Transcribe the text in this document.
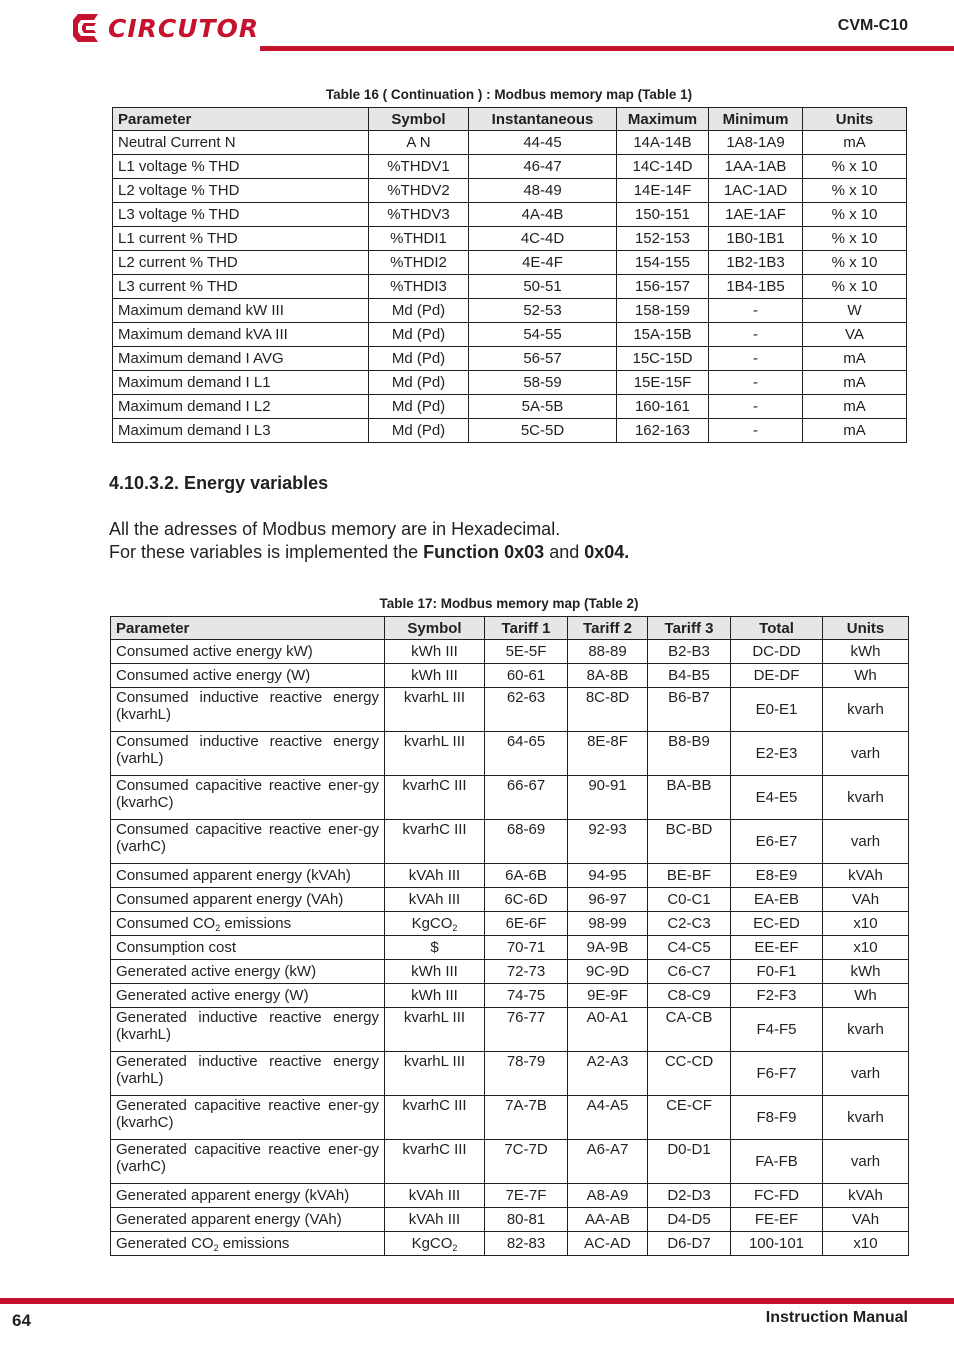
CIRCUTOR	CVM-C10
Table 16 ( Continuation ) : Modbus memory map (Table 1)
Parameter	Symbol	Instantaneous	Maximum	Minimum	Units
Neutral Current N	A N	44-45	14A-14B	1A8-1A9	mA
L1 voltage % THD	%THDV1	46-47	14C-14D	1AA-1AB	% x 10
L2 voltage % THD	%THDV2	48-49	14E-14F	1AC-1AD	% x 10
L3 voltage % THD	%THDV3	4A-4B	150-151	1AE-1AF	% x 10
L1 current % THD	%THDI1	4C-4D	152-153	1B0-1B1	% x 10
L2 current % THD	%THDI2	4E-4F	154-155	1B2-1B3	% x 10
L3 current % THD	%THDI3	50-51	156-157	1B4-1B5	% x 10
Maximum demand kW III	Md (Pd)	52-53	158-159	-	W
Maximum demand kVA III	Md (Pd)	54-55	15A-15B	-	VA
Maximum demand I AVG	Md (Pd)	56-57	15C-15D	-	mA
Maximum demand I L1	Md (Pd)	58-59	15E-15F	-	mA
Maximum demand I L2	Md (Pd)	5A-5B	160-161	-	mA
Maximum demand I L3	Md (Pd)	5C-5D	162-163	-	mA
4.10.3.2. Energy variables
All the adresses of Modbus memory are in Hexadecimal.
For these variables is implemented the Function 0x03 and 0x04.
Table 17: Modbus memory map (Table 2)
Parameter	Symbol	Tariff 1	Tariff 2	Tariff 3	Total	Units
Consumed active energy kW)	kWh III	5E-5F	88-89	B2-B3	DC-DD	kWh
Consumed active energy (W)	kWh III	60-61	8A-8B	B4-B5	DE-DF	Wh
Consumed inductive reactive energy (kvarhL)	kvarhL III	62-63	8C-8D	B6-B7	E0-E1	kvarh
Consumed inductive reactive energy (varhL)	kvarhL III	64-65	8E-8F	B8-B9	E2-E3	varh
Consumed capacitive reactive ener-gy (kvarhC)	kvarhC III	66-67	90-91	BA-BB	E4-E5	kvarh
Consumed capacitive reactive ener-gy (varhC)	kvarhC III	68-69	92-93	BC-BD	E6-E7	varh
Consumed apparent energy (kVAh)	kVAh III	6A-6B	94-95	BE-BF	E8-E9	kVAh
Consumed apparent energy (VAh)	kVAh III	6C-6D	96-97	C0-C1	EA-EB	VAh
Consumed $CO_2$ emissions	KgCO$_2$	6E-6F	98-99	C2-C3	EC-ED	x10
Consumption cost	$	70-71	9A-9B	C4-C5	EE-EF	x10
Generated active energy (kW)	kWh III	72-73	9C-9D	C6-C7	F0-F1	kWh
Generated active energy (W)	kWh III	74-75	9E-9F	C8-C9	F2-F3	Wh
Generated inductive reactive energy (kvarhL)	kvarhL III	76-77	A0-A1	CA-CB	F4-F5	kvarh
Generated inductive reactive energy (varhL)	kvarhL III	78-79	A2-A3	CC-CD	F6-F7	varh
Generated capacitive reactive ener-gy (kvarhC)	kvarhC III	7A-7B	A4-A5	CE-CF	F8-F9	kvarh
Generated capacitive reactive ener-gy (varhC)	kvarhC III	7C-7D	A6-A7	D0-D1	FA-FB	varh
Generated apparent energy (kVAh)	kVAh III	7E-7F	A8-A9	D2-D3	FC-FD	kVAh
Generated apparent energy (VAh)	kVAh III	80-81	AA-AB	D4-D5	FE-EF	VAh
Generated $CO_2$ emissions	KgCO$_2$	82-83	AC-AD	D6-D7	100-101	x10
64	Instruction Manual
